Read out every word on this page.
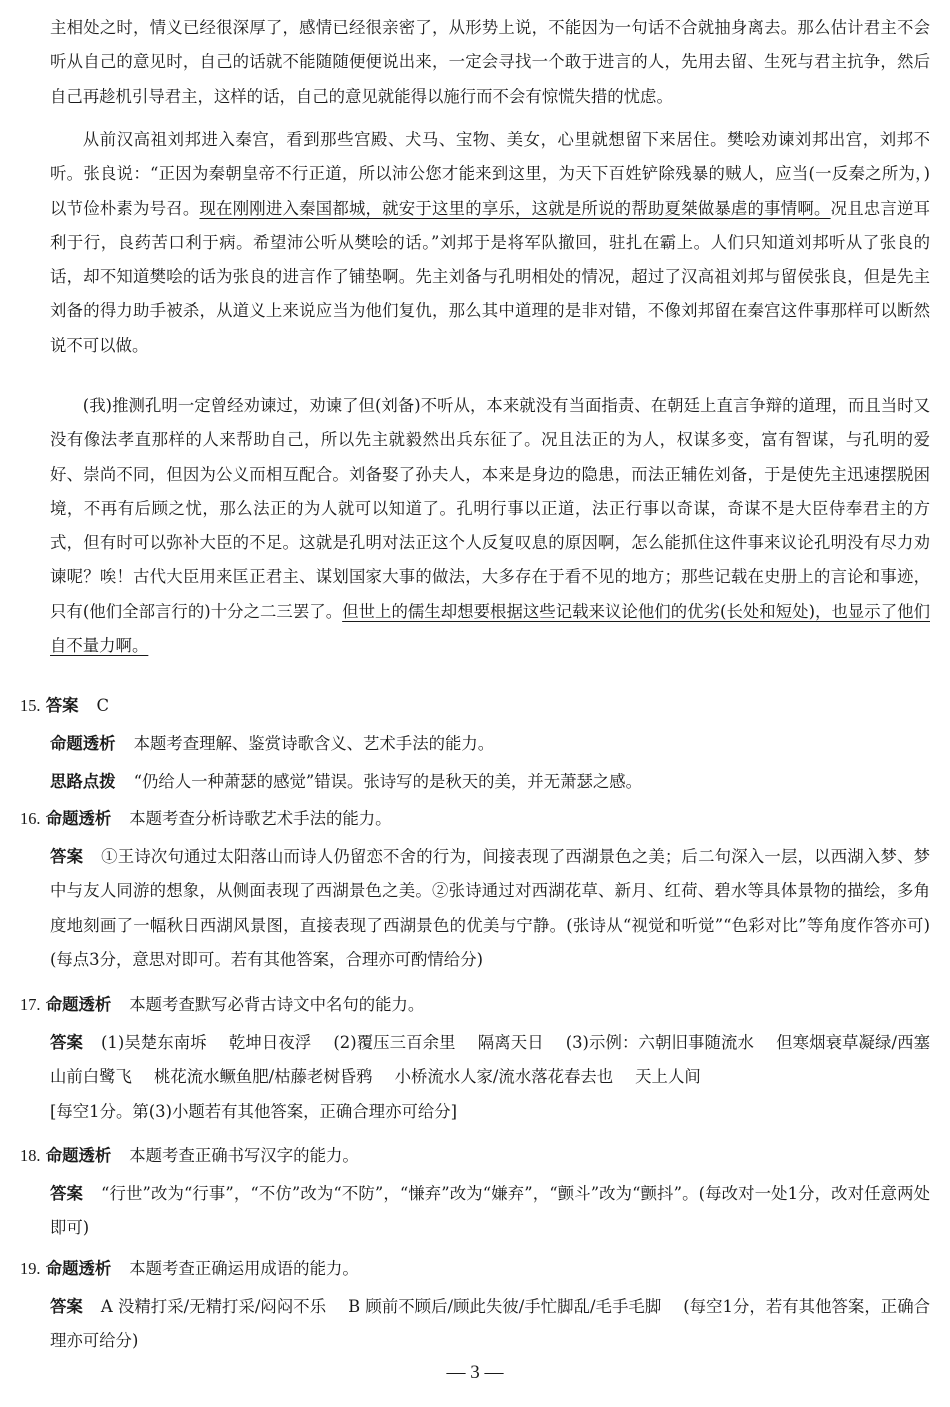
主相处之时，情义已经很深厚了，感情已经很亲密了，从形势上说，不能因为一句话不合就抽身离去。那么估计君主不会听从自己的意见时，自己的话就不能随随便便说出来，一定会寻找一个敢于进言的人，先用去留、生死与君主抗争，然后自己再趁机引导君主，这样的话，自己的意见就能得以施行而不会有惊慌失措的忧虑。

从前汉高祖刘邦进入秦宫，看到那些宫殿、犬马、宝物、美女，心里就想留下来居住。樊哙劝谏刘邦出宫，刘邦不听。张良说：“正因为秦朝皇帝不行正道，所以沛公您才能来到这里，为天下百姓铲除残暴的贼人，应当(一反秦之所为，)以节俭朴素为号召。现在刚刚进入秦国都城，就安于这里的享乐，这就是所说的帮助夏桀做暴虐的事情啊。况且忠言逆耳利于行，良药苦口利于病。希望沛公听从樊哙的话。”刘邦于是将军队撤回，驻扎在霸上。人们只知道刘邦听从了张良的话，却不知道樊哙的话为张良的进言作了铺垫啊。先主刘备与孔明相处的情况，超过了汉高祖刘邦与留侯张良，但是先主刘备的得力助手被杀，从道义上来说应当为他们复仇，那么其中道理的是非对错，不像刘邦留在秦宫这件事那样可以断然说不可以做。

(我)推测孔明一定曾经劝谏过，劝谏了但(刘备)不听从，本来就没有当面指责、在朝廷上直言争辩的道理，而且当时又没有像法孝直那样的人来帮助自己，所以先主就毅然出兵东征了。况且法正的为人，权谋多变，富有智谋，与孔明的爱好、崇尚不同，但因为公义而相互配合。刘备娶了孙夫人，本来是身边的隐患，而法正辅佐刘备，于是使先主迅速摆脱困境，不再有后顾之忧，那么法正的为人就可以知道了。孔明行事以正道，法正行事以奇谋，奇谋不是大臣侍奉君主的方式，但有时可以弥补大臣的不足。这就是孔明对法正这个人反复叹息的原因啊，怎么能抓住这件事来议论孔明没有尽力劝谏呢？唉！古代大臣用来匡正君主、谋划国家大事的做法，大多存在于看不见的地方；那些记载在史册上的言论和事迹，只有(他们全部言行的)十分之二三罢了。但世上的儒生却想要根据这些记载来议论他们的优劣(长处和短处)，也显示了他们自不量力啊。

15. 答案 C

命题透析 本题考查理解、鉴赏诗歌含义、艺术手法的能力。

思路点拨 “仍给人一种萧瑟的感觉”错误。张诗写的是秋天的美，并无萧瑟之感。

16. 命题透析 本题考查分析诗歌艺术手法的能力。

答案 ①王诗次句通过太阳落山而诗人仍留恋不舍的行为，间接表现了西湖景色之美；后二句深入一层，以西湖入梦、梦中与友人同游的想象，从侧面表现了西湖景色之美。②张诗通过对西湖花草、新月、红荷、碧水等具体景物的描绘，多角度地刻画了一幅秋日西湖风景图，直接表现了西湖景色的优美与宁静。(张诗从“视觉和听觉”“色彩对比”等角度作答亦可)(每点3分，意思对即可。若有其他答案，合理亦可酌情给分)

17. 命题透析 本题考查默写必背古诗文中名句的能力。

答案 (1)吴楚东南坼 乾坤日夜浮 (2)覆压三百余里 隔离天日 (3)示例：六朝旧事随流水 但寒烟衰草凝绿/西塞山前白鹭飞 桃花流水鳜鱼肥/枯藤老树昏鸦 小桥流水人家/流水落花春去也 天上人间
[每空1分。第(3)小题若有其他答案，正确合理亦可给分]

18. 命题透析 本题考查正确书写汉字的能力。

答案 “行世”改为“行事”，“不仿”改为“不防”，“慊弃”改为“嫌弃”，“颤斗”改为“颤抖”。(每改对一处1分，改对任意两处即可)

19. 命题透析 本题考查正确运用成语的能力。

答案 A 没精打采/无精打采/闷闷不乐 B 顾前不顾后/顾此失彼/手忙脚乱/毛手毛脚 (每空1分，若有其他答案，正确合理亦可给分)

— 3 —
